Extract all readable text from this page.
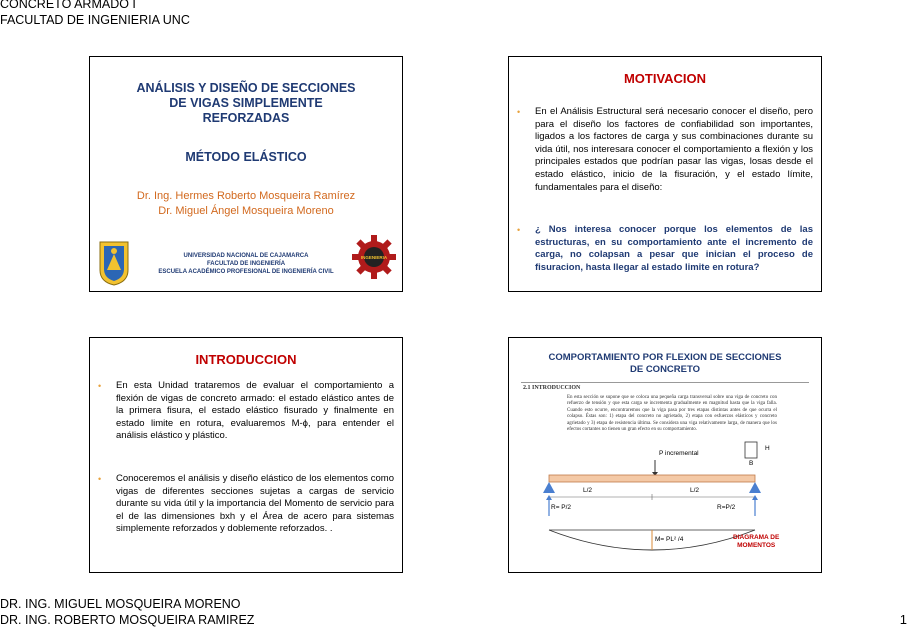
CONCRETO ARMADO I
FACULTAD DE INGENIERIA UNC
ANÁLISIS Y DISEÑO DE SECCIONES
DE VIGAS SIMPLEMENTE
REFORZADAS
MÉTODO ELÁSTICO
Dr. Ing. Hermes Roberto Mosqueira Ramírez
Dr. Miguel Ángel Mosqueira Moreno
UNIVERSIDAD NACIONAL DE CAJAMARCA
FACULTAD DE INGENIERÍA
ESCUELA ACADÉMICO PROFESIONAL DE INGENIERÍA CIVIL
INGENIERIA
MOTIVACION
•	En el Análisis Estructural será necesario conocer el diseño, pero para el diseño los factores de confiabilidad son importantes, ligados a los factores de carga y sus combinaciones durante su vida útil, nos interesara conocer el comportamiento a flexión y los principales estados que podrían pasar las vigas, losas desde el estado elástico, inicio de la fisuración, y el estado límite, fundamentales para el diseño:
•	¿ Nos interesa conocer porque los elementos de las estructuras, en su comportamiento ante el incremento de carga, no colapsan a pesar que inician el proceso de fisuracion, hasta llegar al estado limite en rotura?
INTRODUCCION
•	En esta Unidad trataremos de evaluar el comportamiento a flexión de vigas de concreto armado: el estado elástico antes de la primera fisura, el estado elástico fisurado y finalmente en estado limite en rotura, evaluaremos M-ϕ, para entender el análisis elástico y plástico.
•	Conoceremos el análisis y diseño elástico de los elementos como vigas de diferentes secciones sujetas a cargas de servicio durante su vida útil y la importancia del Momento de servicio para el de las dimensiones bxh y el Área de acero para sistemas simplemente reforzados y doblemente reforzados. .
COMPORTAMIENTO POR FLEXION DE SECCIONES
DE CONCRETO
2.1 INTRODUCCION
En esta sección se supone que se coloca una pequeña carga transversal sobre una viga de concreto con refuerzo de tensión y que esta carga se incrementa gradualmente en magnitud hasta que la viga falla. Cuando esto ocurre, encontraremos que la viga pasa por tres etapas distintas antes de que ocurra el colapso. Éstas son: 1) etapa del concreto no agrietado, 2) etapa con esfuerzos elásticos y concreto agrietado y 3) etapa de resistencia última. Se considera una viga relativamente larga, de manera que los efectos cortantes no tienen un gran efecto en su comportamiento.
P incremental
H
B
L/2	L/2
R= P/2	R=P/2
M= PL² /4	DIAGRAMA DE
MOMENTOS
DR. ING. MIGUEL MOSQUEIRA MORENO
DR. ING. ROBERTO MOSQUEIRA RAMIREZ	1
